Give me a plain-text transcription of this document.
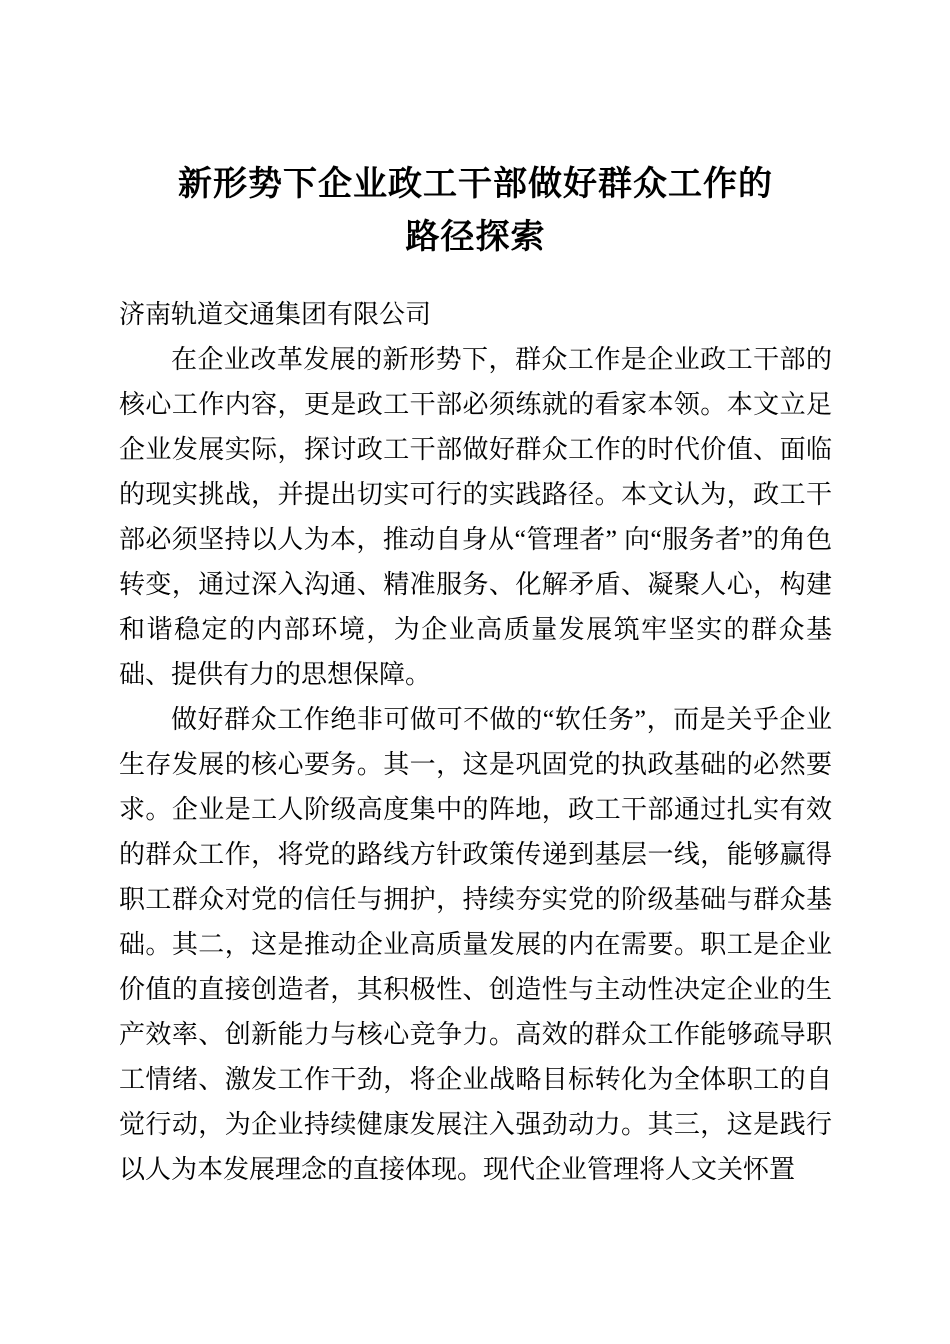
新形势下企业政工干部做好群众工作的
路径探索

济南轨道交通集团有限公司

在企业改革发展的新形势下，群众工作是企业政工干部的核心工作内容，更是政工干部必须练就的看家本领。本文立足企业发展实际，探讨政工干部做好群众工作的时代价值、面临的现实挑战，并提出切实可行的实践路径。本文认为，政工干部必须坚持以人为本，推动自身从“管理者” 向“服务者”的角色转变，通过深入沟通、精准服务、化解矛盾、凝聚人心，构建和谐稳定的内部环境，为企业高质量发展筑牢坚实的群众基础、提供有力的思想保障。

做好群众工作绝非可做可不做的“软任务”，而是关乎企业生存发展的核心要务。其一，这是巩固党的执政基础的必然要求。企业是工人阶级高度集中的阵地，政工干部通过扎实有效的群众工作，将党的路线方针政策传递到基层一线，能够赢得职工群众对党的信任与拥护，持续夯实党的阶级基础与群众基础。其二，这是推动企业高质量发展的内在需要。职工是企业价值的直接创造者，其积极性、创造性与主动性决定企业的生产效率、创新能力与核心竞争力。高效的群众工作能够疏导职工情绪、激发工作干劲，将企业战略目标转化为全体职工的自觉行动，为企业持续健康发展注入强劲动力。其三，这是践行以人为本发展理念的直接体现。现代企业管理将人文关怀置
